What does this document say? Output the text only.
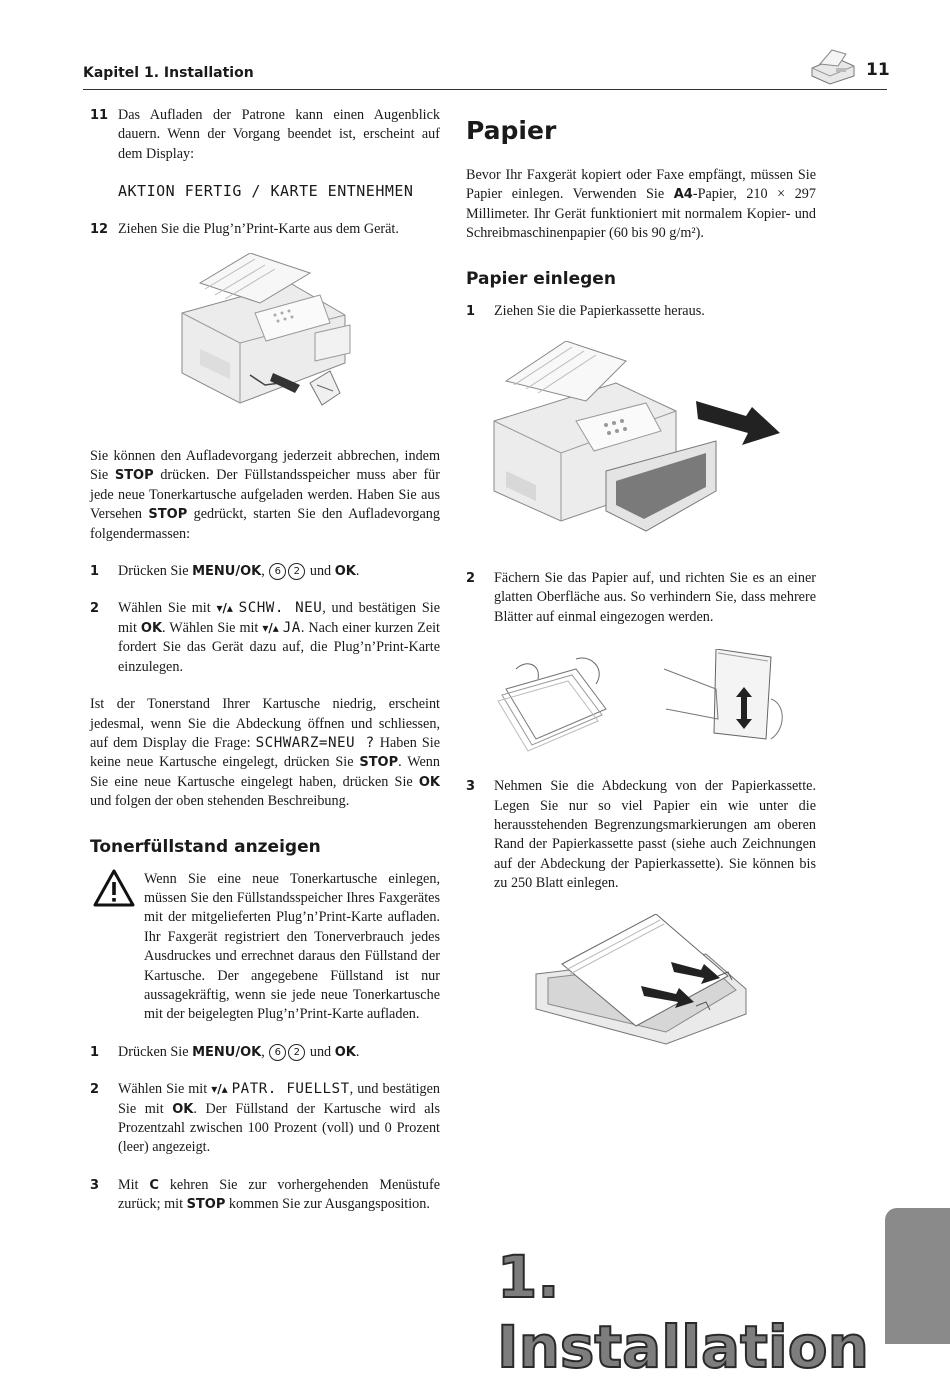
Kapitel 1. Installation	11
11 Das Aufladen der Patrone kann einen Augenblick dauern. Wenn der Vorgang beendet ist, erscheint auf dem Display:
AKTION FERTIG / KARTE ENTNEHMEN
12 Ziehen Sie die Plug’n’Print-Karte aus dem Gerät.
Sie können den Aufladevorgang jederzeit abbrechen, indem Sie STOP drücken. Der Füllstandsspeicher muss aber für jede neue Tonerkartusche aufgeladen werden. Haben Sie aus Versehen STOP gedrückt, starten Sie den Aufladevorgang folgendermassen:
1 Drücken Sie MENU/OK, 6 2 und OK.
2 Wählen Sie mit ▾/▴ SCHW. NEU, und bestätigen Sie mit OK. Wählen Sie mit ▾/▴ JA. Nach einer kurzen Zeit fordert Sie das Gerät dazu auf, die Plug’n’Print-Karte einzulegen.
Ist der Tonerstand Ihrer Kartusche niedrig, erscheint jedesmal, wenn Sie die Abdeckung öffnen und schliessen, auf dem Display die Frage: SCHWARZ=NEU ? Haben Sie keine neue Kartusche eingelegt, drücken Sie STOP. Wenn Sie eine neue Kartusche eingelegt haben, drücken Sie OK und folgen der oben stehenden Beschreibung.
Tonerfüllstand anzeigen
Wenn Sie eine neue Tonerkartusche einlegen, müssen Sie den Füllstandsspeicher Ihres Faxgerätes mit der mitgelieferten Plug’n’Print-Karte aufladen. Ihr Faxgerät registriert den Tonerverbrauch jedes Ausdruckes und errechnet daraus den Füllstand der Kartusche. Der angegebene Füllstand ist nur aussagekräftig, wenn sie jede neue Tonerkartusche mit der beigelegten Plug’n’Print-Karte aufladen.
1 Drücken Sie MENU/OK, 6 2 und OK.
2 Wählen Sie mit ▾/▴ PATR. FUELLST, und bestätigen Sie mit OK. Der Füllstand der Kartusche wird als Prozentzahl zwischen 100 Prozent (voll) und 0 Prozent (leer) angezeigt.
3 Mit C kehren Sie zur vorhergehenden Menüstufe zurück; mit STOP kommen Sie zur Ausgangsposition.
Papier
Bevor Ihr Faxgerät kopiert oder Faxe empfängt, müssen Sie Papier einlegen. Verwenden Sie A4-Papier, 210 × 297 Millimeter. Ihr Gerät funktioniert mit normalem Kopier- und Schreibmaschinenpapier (60 bis 90 g/m²).
Papier einlegen
1 Ziehen Sie die Papierkassette heraus.
2 Fächern Sie das Papier auf, und richten Sie es an einer glatten Oberfläche aus. So verhindern Sie, dass mehrere Blätter auf einmal eingezogen werden.
3 Nehmen Sie die Abdeckung von der Papierkassette. Legen Sie nur so viel Papier ein wie unter die herausstehenden Begrenzungsmarkierungen am oberen Rand der Papierkassette passt (siehe auch Zeichnungen auf der Abdeckung der Papierkassette). Sie können bis zu 250 Blatt einlegen.
1. Installation
